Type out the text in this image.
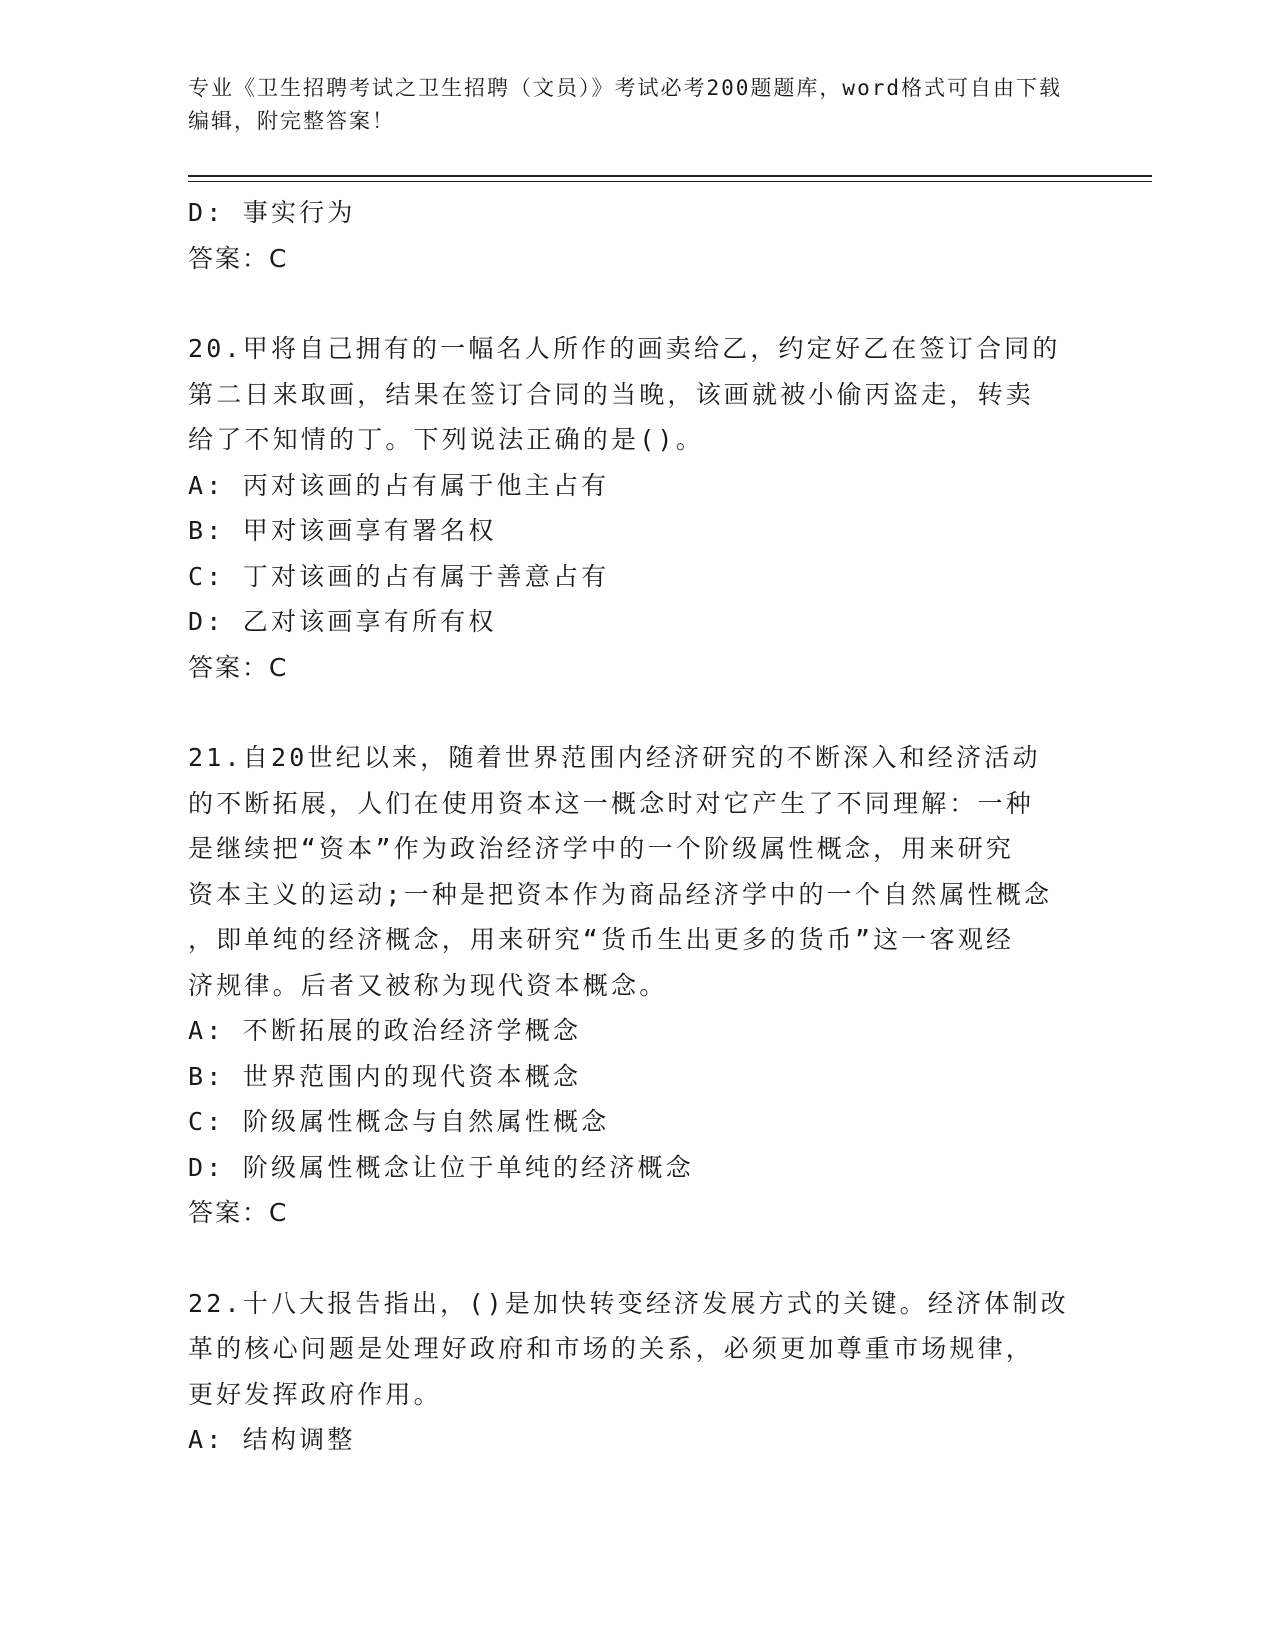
专业《卫生招聘考试之卫生招聘（文员）》考试必考200题题库，word格式可自由下载编辑，附完整答案！
D: 事实行为
答案：C
20.甲将自己拥有的一幅名人所作的画卖给乙，约定好乙在签订合同的
第二日来取画，结果在签订合同的当晚，该画就被小偷丙盗走，转卖
给了不知情的丁。下列说法正确的是()。
A: 丙对该画的占有属于他主占有
B: 甲对该画享有署名权
C: 丁对该画的占有属于善意占有
D: 乙对该画享有所有权
答案：C
21.自20世纪以来，随着世界范围内经济研究的不断深入和经济活动
的不断拓展，人们在使用资本这一概念时对它产生了不同理解：一种
是继续把“资本”作为政治经济学中的一个阶级属性概念，用来研究
资本主义的运动;一种是把资本作为商品经济学中的一个自然属性概念
，即单纯的经济概念，用来研究“货币生出更多的货币”这一客观经
济规律。后者又被称为现代资本概念。
A: 不断拓展的政治经济学概念
B: 世界范围内的现代资本概念
C: 阶级属性概念与自然属性概念
D: 阶级属性概念让位于单纯的经济概念
答案：C
22.十八大报告指出，()是加快转变经济发展方式的关键。经济体制改
革的核心问题是处理好政府和市场的关系，必须更加尊重市场规律，
更好发挥政府作用。
A: 结构调整
